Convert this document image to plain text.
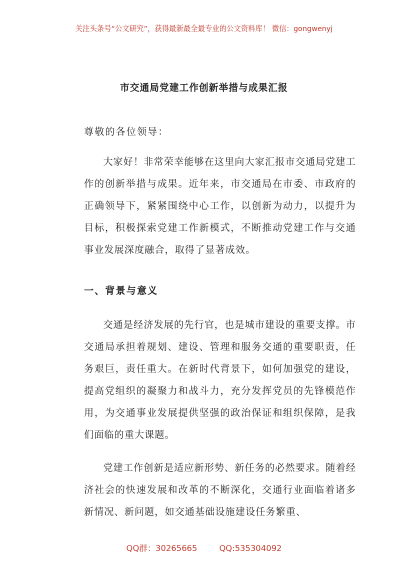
关注头条号“公文研究”，获得最新最全最专业的公文资料库！ 微信：gongwenyj
市交通局党建工作创新举措与成果汇报
尊敬的各位领导：

大家好！非常荣幸能够在这里向大家汇报市交通局党建工作的创新举措与成果。近年来，市交通局在市委、市政府的正确领导下，紧紧围绕中心工作，以创新为动力，以提升为目标，积极探索党建工作新模式，不断推动党建工作与交通事业发展深度融合，取得了显著成效。

一、背景与意义

交通是经济发展的先行官，也是城市建设的重要支撑。市交通局承担着规划、建设、管理和服务交通的重要职责，任务艰巨，责任重大。在新时代背景下，如何加强党的建设，提高党组织的凝聚力和战斗力，充分发挥党员的先锋模范作用，为交通事业发展提供坚强的政治保证和组织保障，是我们面临的重大课题。

党建工作创新是适应新形势、新任务的必然要求。随着经济社会的快速发展和改革的不断深化，交通行业面临着诸多新情况、新问题，如交通基础设施建设任务繁重、

QQ群：30265665	QQ:535304092
